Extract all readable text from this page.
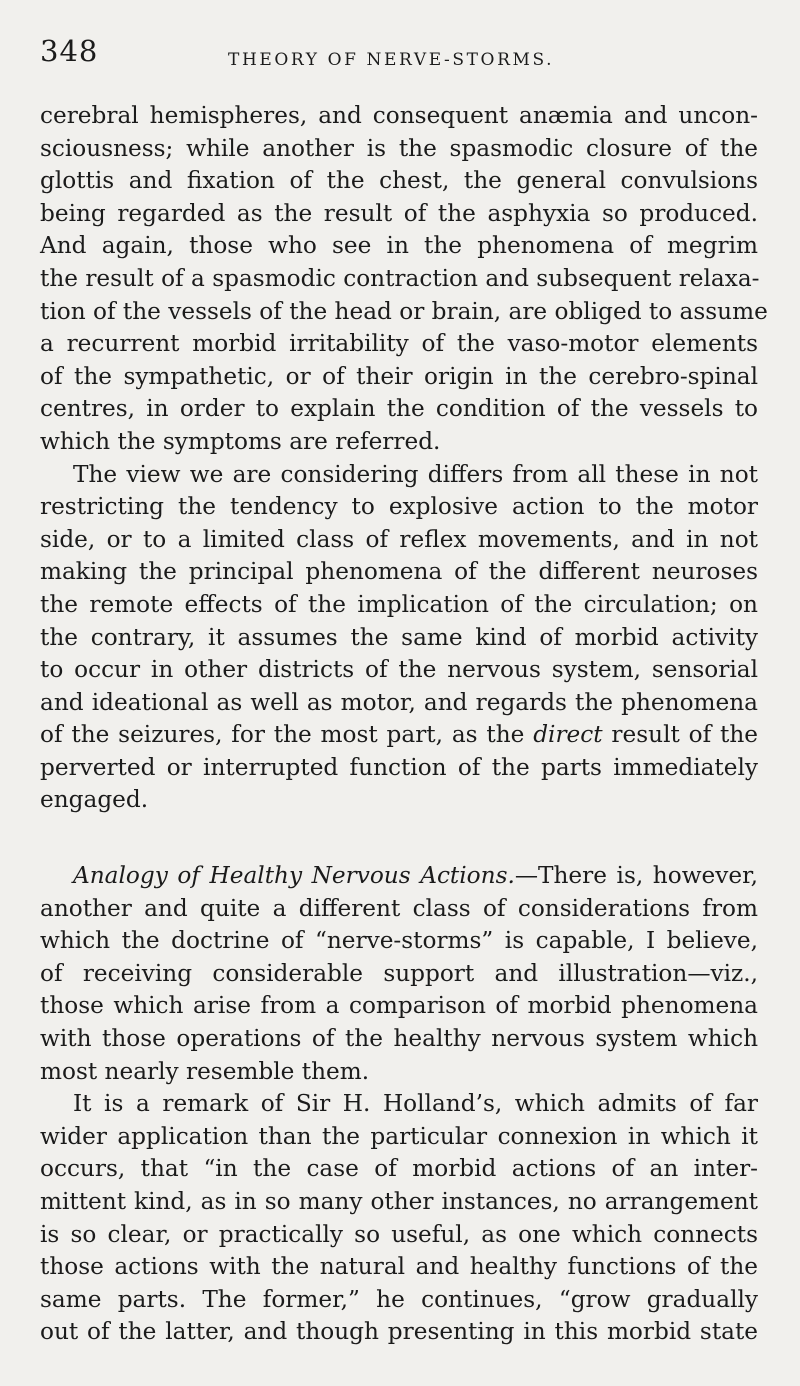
348	THEORY OF NERVE-STORMS.
cerebral hemispheres, and consequent anæmia and uncon-
sciousness; while another is the spasmodic closure of the
glottis and fixation of the chest, the general convulsions
being regarded as the result of the asphyxia so produced.
And again, those who see in the phenomena of megrim
the result of a spasmodic contraction and subsequent relaxa-
tion of the vessels of the head or brain, are obliged to assume
a recurrent morbid irritability of the vaso-motor elements
of the sympathetic, or of their origin in the cerebro-spinal
centres, in order to explain the condition of the vessels to
which the symptoms are referred.
The view we are considering differs from all these in not
restricting the tendency to explosive action to the motor
side, or to a limited class of reflex movements, and in not
making the principal phenomena of the different neuroses
the remote effects of the implication of the circulation; on
the contrary, it assumes the same kind of morbid activity
to occur in other districts of the nervous system, sensorial
and ideational as well as motor, and regards the phenomena
of the seizures, for the most part, as the direct result of the
perverted or interrupted function of the parts immediately
engaged.
Analogy of Healthy Nervous Actions.—There is, however,
another and quite a different class of considerations from
which the doctrine of “nerve-storms” is capable, I believe,
of receiving considerable support and illustration—viz.,
those which arise from a comparison of morbid phenomena
with those operations of the healthy nervous system which
most nearly resemble them.
It is a remark of Sir H. Holland’s, which admits of far
wider application than the particular connexion in which it
occurs, that “in the case of morbid actions of an inter-
mittent kind, as in so many other instances, no arrangement
is so clear, or practically so useful, as one which connects
those actions with the natural and healthy functions of the
same parts. The former,” he continues, “grow gradually
out of the latter, and though presenting in this morbid state
